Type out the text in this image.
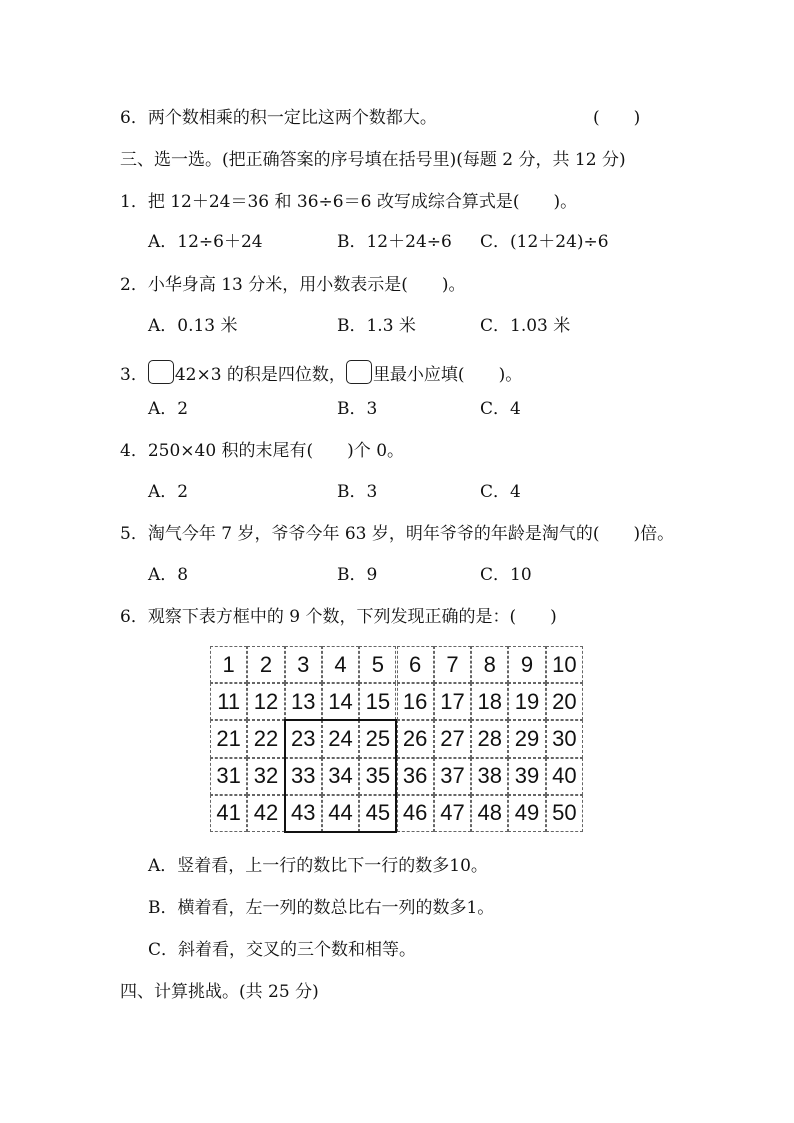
6．两个数相乘的积一定比这两个数都大。	(　　)
三、选一选。(把正确答案的序号填在括号里)(每题 2 分，共 12 分)
1．把 12＋24＝36 和 36÷6＝6 改写成综合算式是(　　)。
A．12÷6＋24	B．12＋24÷6 C．(12＋24)÷6
2．小华身高 13 分米，用小数表示是(　　)。
A．0.13 米	B．1.3 米	C．1.03 米
3． 42×3 的积是四位数， 里最小应填(　　)。
A．2	B．3	C．4
4．250×40 积的末尾有(　　)个 0。
A．2	B．3	C．4
5．淘气今年 7 岁，爷爷今年 63 岁，明年爷爷的年龄是淘气的(　　)倍。
A．8	B．9	C．10
6．观察下表方框中的 9 个数，下列发现正确的是：(　　)
1	2	3	4	5	6	7	8	9 10
11 12 13 14 15 16 17 18 19 20
21 22 23 24 25 26 27 28 29 30
31 32 33 34 35 36 37 38 39 40
41 42 43 44 45 46 47 48 49 50
A．竖着看，上一行的数比下一行的数多10。
B．横着看，左一列的数总比右一列的数多1。
C．斜着看，交叉的三个数和相等。
四、计算挑战。(共 25 分)
